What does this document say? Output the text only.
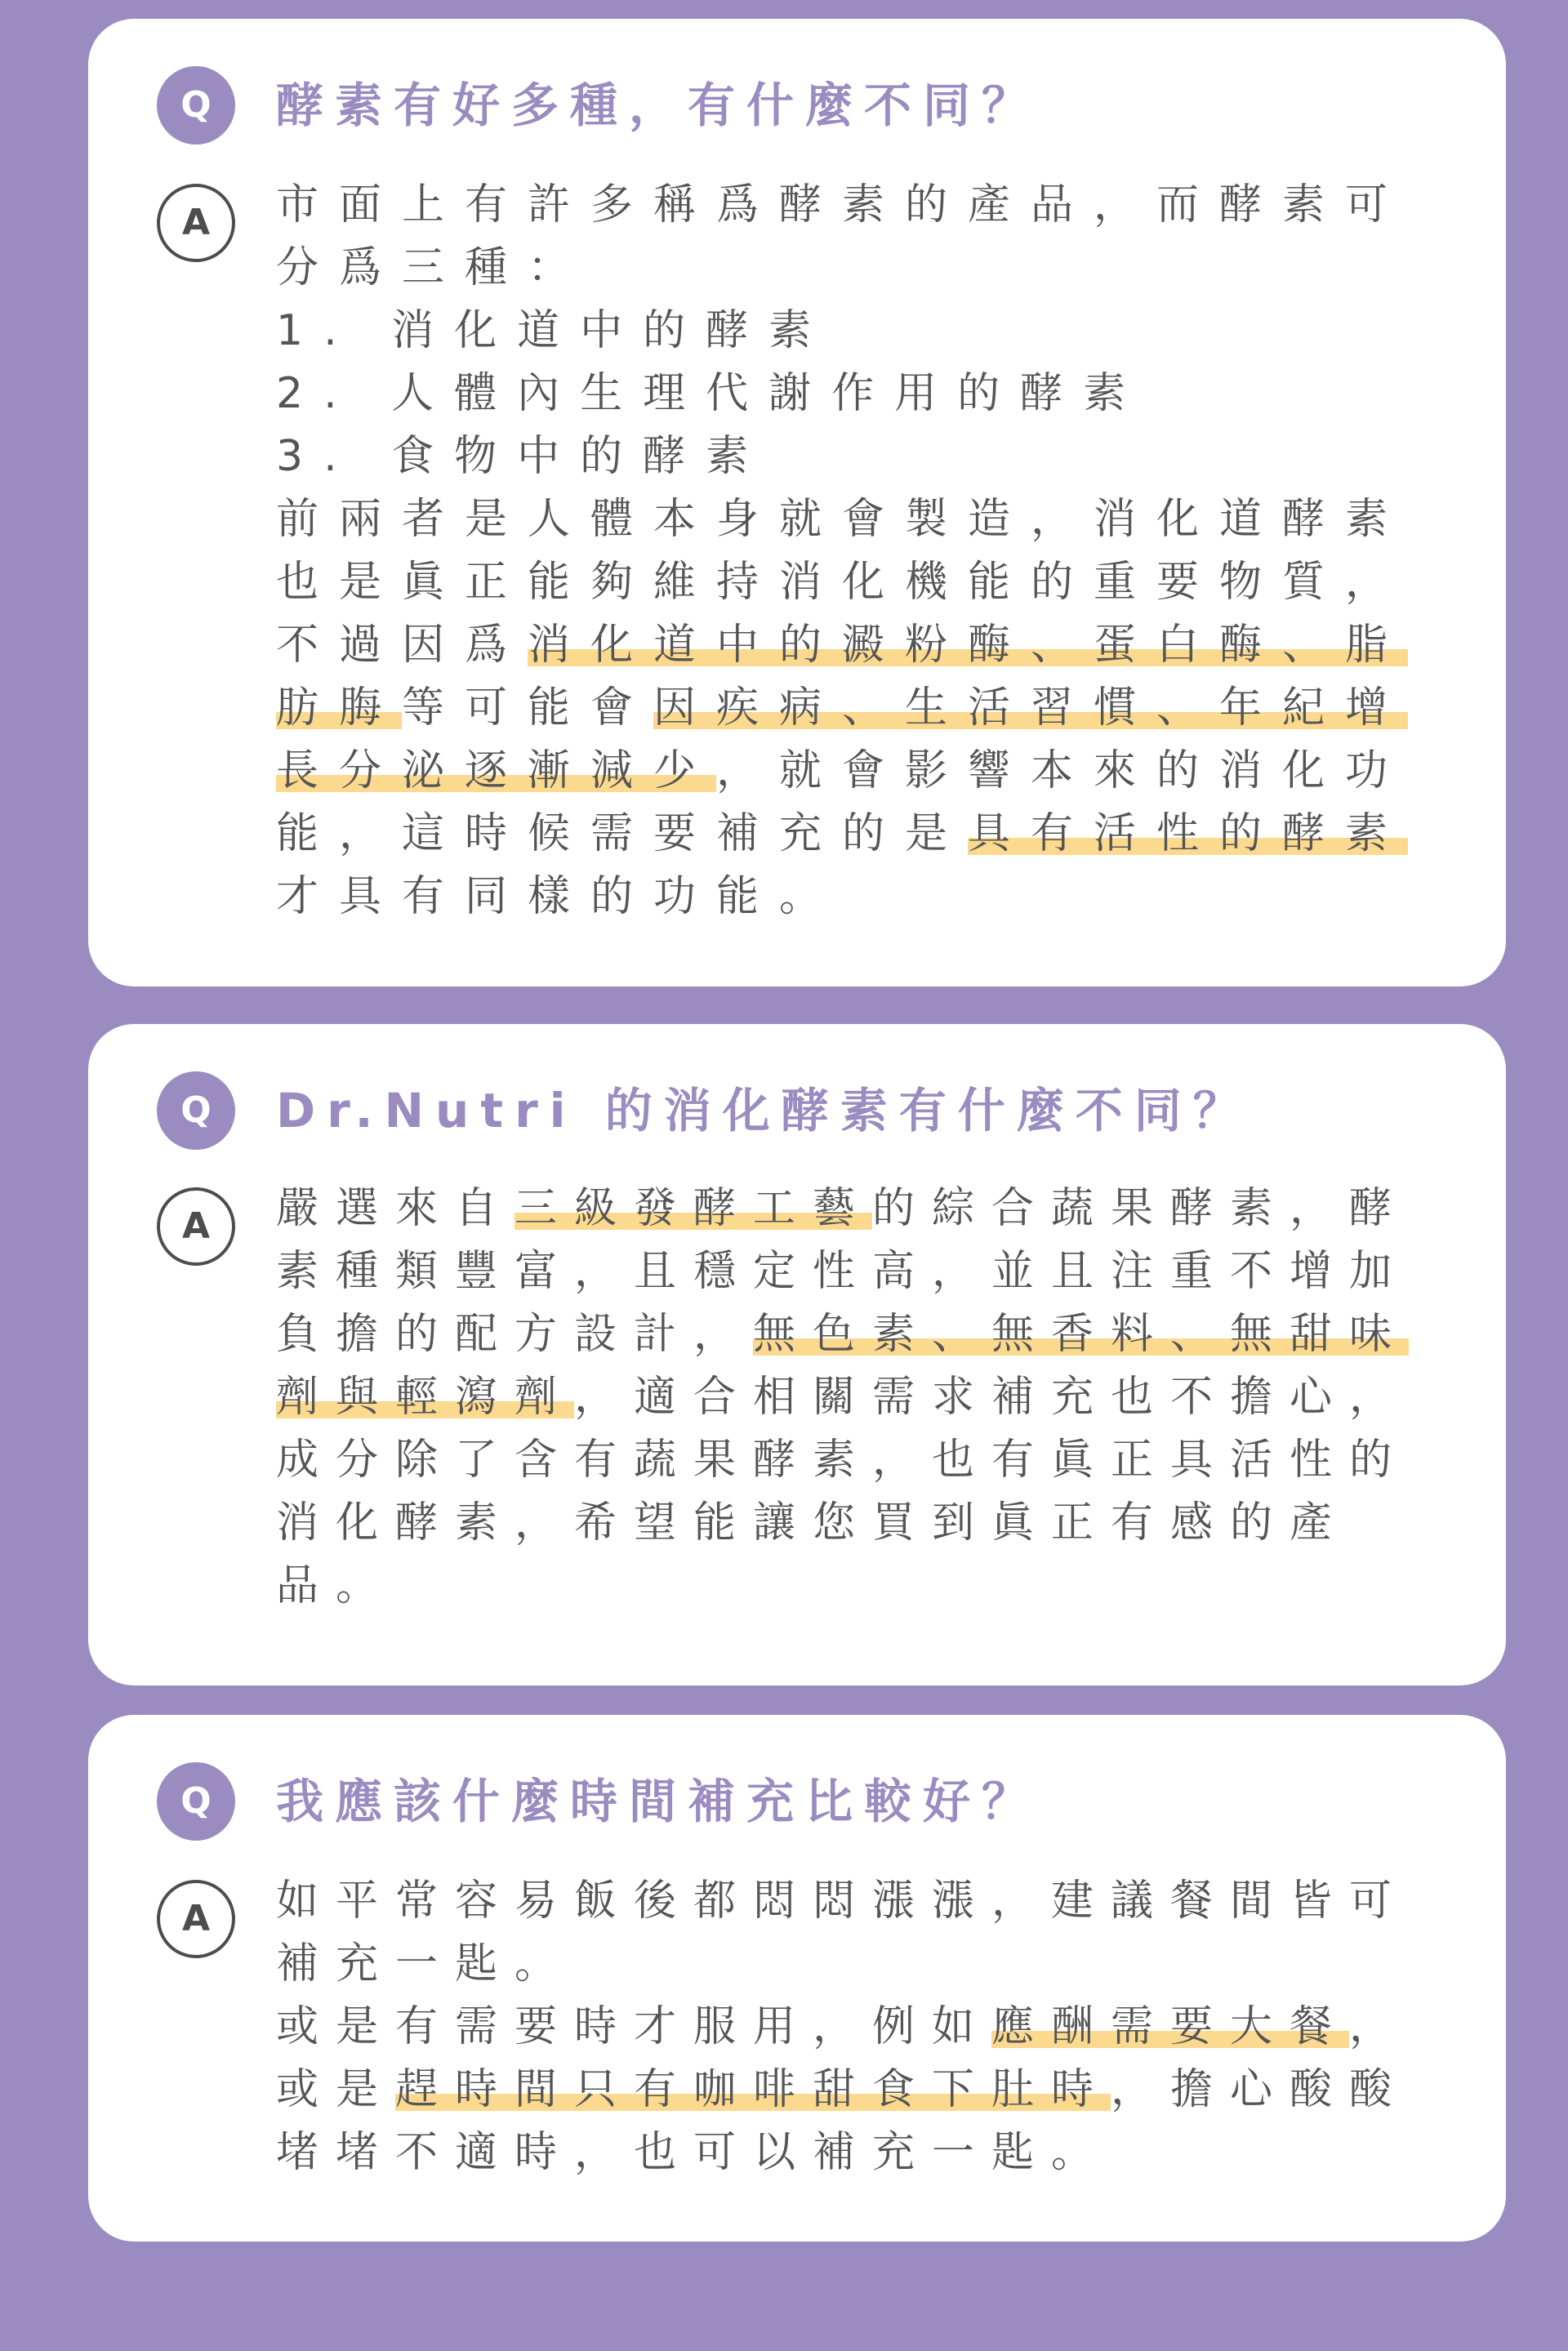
Q	酵素有好多種，有什麼不同？
A	市面上有許多稱爲酵素的產品，而酵素可分爲三種：
1. 消化道中的酵素
2. 人體內生理代謝作用的酵素
3. 食物中的酵素
前兩者是人體本身就會製造，消化道酵素也是眞正能夠維持消化機能的重要物質，不過因爲消化道中的澱粉酶、蛋白酶、脂肪脢等可能會因疾病、生活習慣、年紀增長分泌逐漸減少，就會影響本來的消化功能，這時候需要補充的是具有活性的酵素才具有同樣的功能。
Q	Dr.Nutri 的消化酵素有什麼不同？
A	嚴選來自三級發酵工藝的綜合蔬果酵素，酵素種類豐富，且穩定性高，並且注重不增加負擔的配方設計，無色素、無香料、無甜味劑與輕瀉劑，適合相關需求補充也不擔心，成分除了含有蔬果酵素，也有眞正具活性的消化酵素，希望能讓您買到眞正有感的產品。
Q	我應該什麼時間補充比較好？
A	如平常容易飯後都悶悶漲漲，建議餐間皆可補充一匙。
或是有需要時才服用，例如應酬需要大餐，或是趕時間只有咖啡甜食下肚時，擔心酸酸堵堵不適時，也可以補充一匙。
